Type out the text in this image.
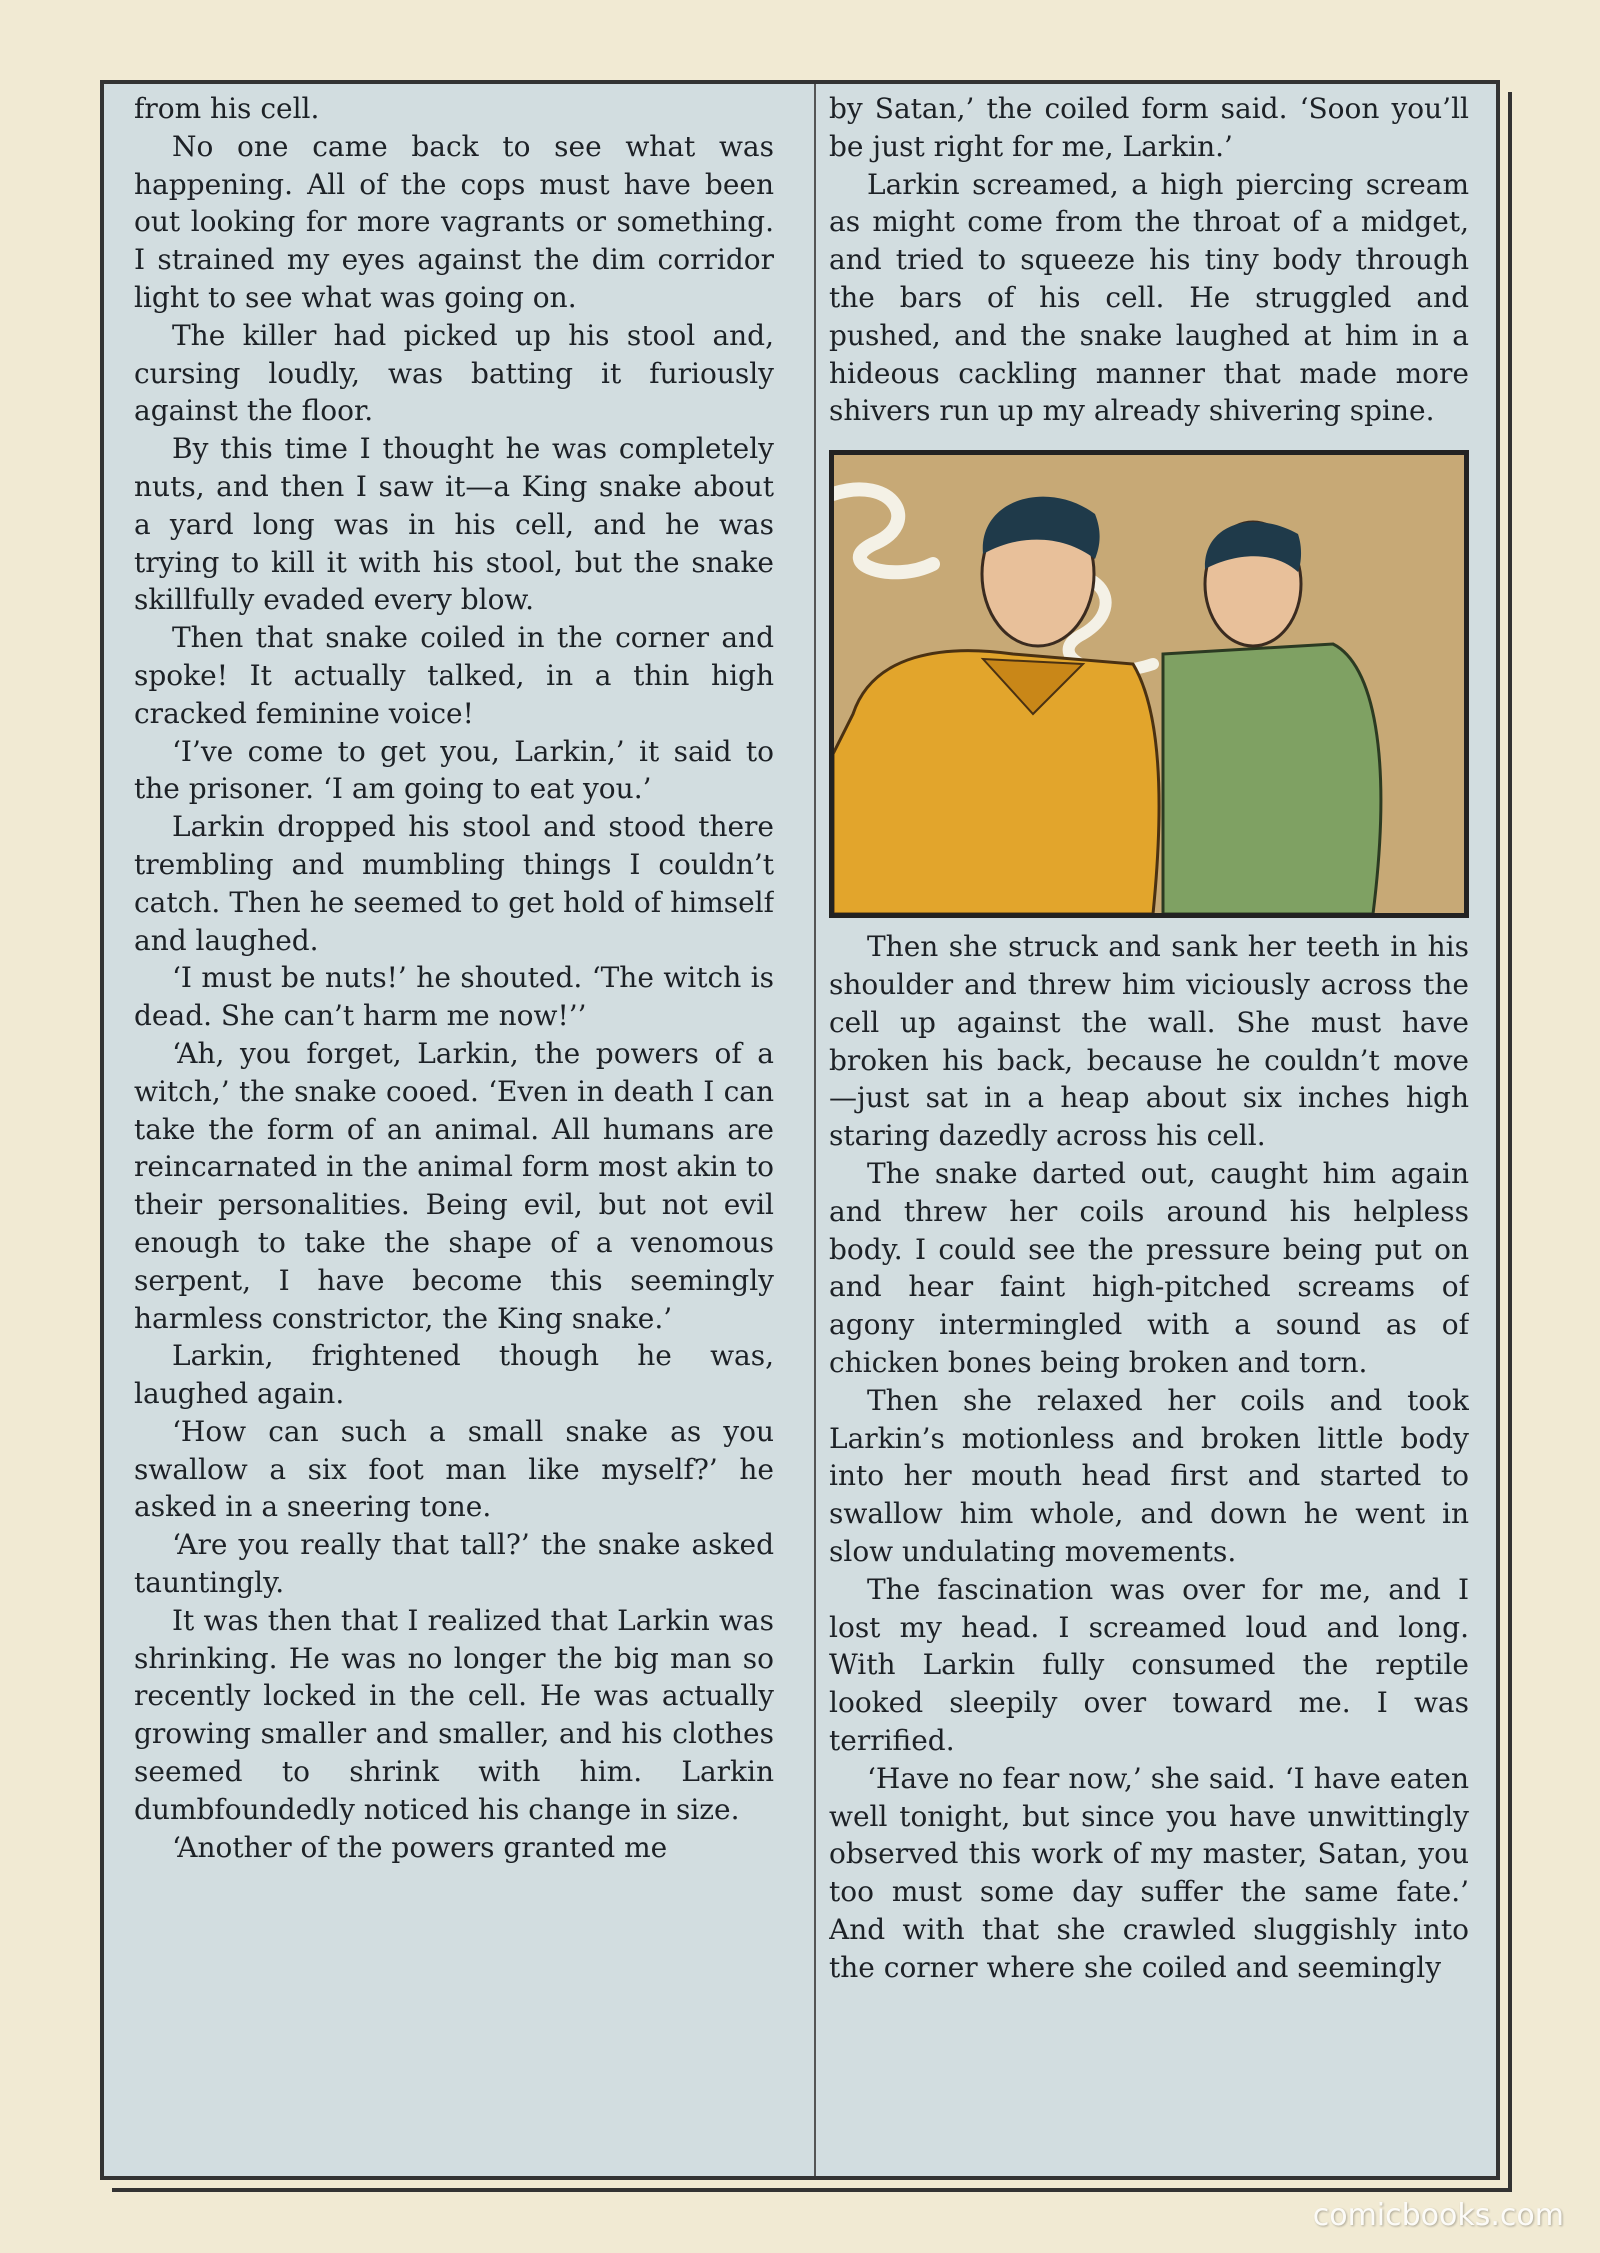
from his cell.

No one came back to see what was happening. All of the cops must have been out looking for more vagrants or something. I strained my eyes against the dim corridor light to see what was going on.

The killer had picked up his stool and, cursing loudly, was batting it furiously against the floor.

By this time I thought he was completely nuts, and then I saw it—a King snake about a yard long was in his cell, and he was trying to kill it with his stool, but the snake skillfully evaded every blow.

Then that snake coiled in the corner and spoke! It actually talked, in a thin high cracked feminine voice!

‘I’ve come to get you, Larkin,’ it said to the prisoner. ‘I am going to eat you.’

Larkin dropped his stool and stood there trembling and mumbling things I couldn’t catch. Then he seemed to get hold of himself and laughed.

‘I must be nuts!’ he shouted. ‘The witch is dead. She can’t harm me now!’’

‘Ah, you forget, Larkin, the powers of a witch,’ the snake cooed. ‘Even in death I can take the form of an animal. All humans are reincarnated in the animal form most akin to their personalities. Being evil, but not evil enough to take the shape of a venomous serpent, I have become this seemingly harmless constrictor, the King snake.’

Larkin, frightened though he was, laughed again.

‘How can such a small snake as you swallow a six foot man like myself?’ he asked in a sneering tone.

‘Are you really that tall?’ the snake asked tauntingly.

It was then that I realized that Larkin was shrinking. He was no longer the big man so recently locked in the cell. He was actually growing smaller and smaller, and his clothes seemed to shrink with him. Larkin dumbfoundedly noticed his change in size.

‘Another of the powers granted me

by Satan,’ the coiled form said. ‘Soon you’ll be just right for me, Larkin.’

Larkin screamed, a high piercing scream as might come from the throat of a midget, and tried to squeeze his tiny body through the bars of his cell. He struggled and pushed, and the snake laughed at him in a hideous cackling manner that made more shivers run up my already shivering spine.

Then she struck and sank her teeth in his shoulder and threw him viciously across the cell up against the wall. She must have broken his back, because he couldn’t move—just sat in a heap about six inches high staring dazedly across his cell.

The snake darted out, caught him again and threw her coils around his helpless body. I could see the pressure being put on and hear faint high-pitched screams of agony intermingled with a sound as of chicken bones being broken and torn.

Then she relaxed her coils and took Larkin’s motionless and broken little body into her mouth head first and started to swallow him whole, and down he went in slow undulating movements.

The fascination was over for me, and I lost my head. I screamed loud and long. With Larkin fully consumed the reptile looked sleepily over toward me. I was terrified.

‘Have no fear now,’ she said. ‘I have eaten well tonight, but since you have unwittingly observed this work of my master, Satan, you too must some day suffer the same fate.’ And with that she crawled sluggishly into the corner where she coiled and seemingly

comicbooks.com
